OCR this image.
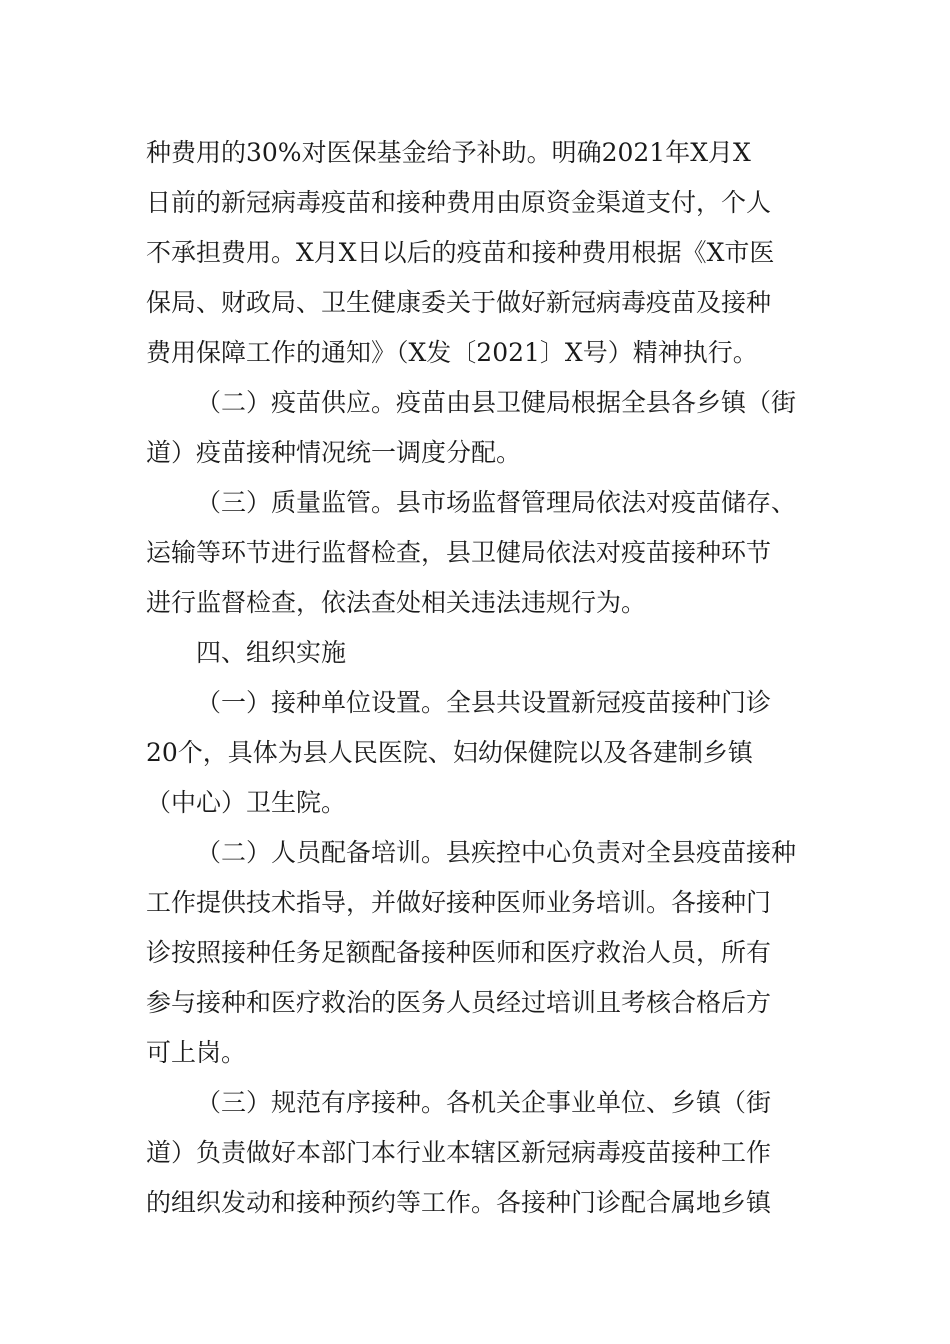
种费用的30%对医保基金给予补助。明确2021年X月X
日前的新冠病毒疫苗和接种费用由原资金渠道支付，个人
不承担费用。X月X日以后的疫苗和接种费用根据《X市医
保局、财政局、卫生健康委关于做好新冠病毒疫苗及接种
费用保障工作的通知》（X发〔2021〕X号）精神执行。
（二）疫苗供应。疫苗由县卫健局根据全县各乡镇（街
道）疫苗接种情况统一调度分配。
（三）质量监管。县市场监督管理局依法对疫苗储存、
运输等环节进行监督检查，县卫健局依法对疫苗接种环节
进行监督检查，依法查处相关违法违规行为。
四、组织实施
（一）接种单位设置。全县共设置新冠疫苗接种门诊
20个，具体为县人民医院、妇幼保健院以及各建制乡镇
（中心）卫生院。
（二）人员配备培训。县疾控中心负责对全县疫苗接种
工作提供技术指导，并做好接种医师业务培训。各接种门
诊按照接种任务足额配备接种医师和医疗救治人员，所有
参与接种和医疗救治的医务人员经过培训且考核合格后方
可上岗。
（三）规范有序接种。各机关企事业单位、乡镇（街
道）负责做好本部门本行业本辖区新冠病毒疫苗接种工作
的组织发动和接种预约等工作。各接种门诊配合属地乡镇
